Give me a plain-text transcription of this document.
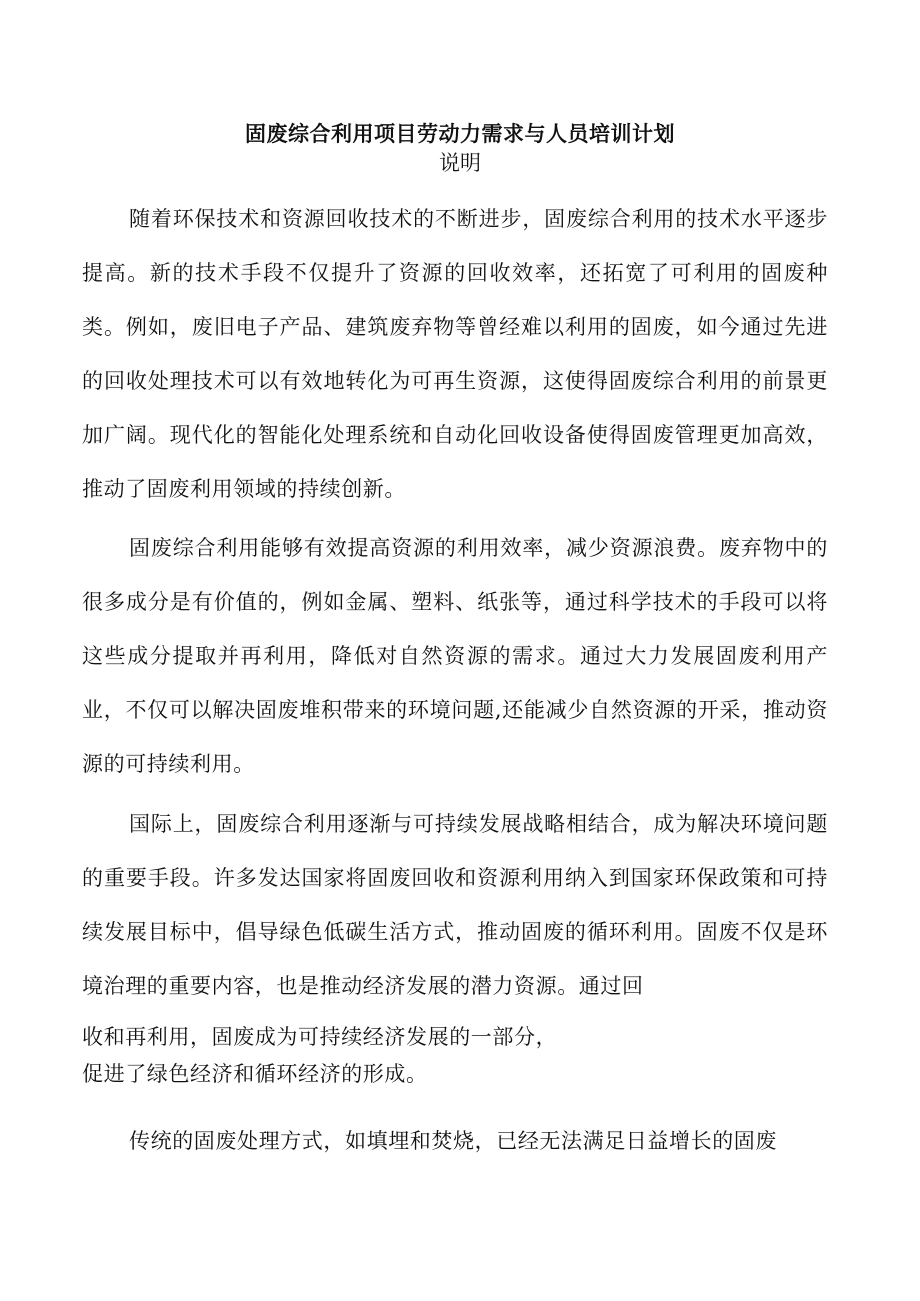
固废综合利用项目劳动力需求与人员培训计划
说明

随着环保技术和资源回收技术的不断进步，固废综合利用的技术水平逐步提高。新的技术手段不仅提升了资源的回收效率，还拓宽了可利用的固废种类。例如，废旧电子产品、建筑废弃物等曾经难以利用的固废，如今通过先进的回收处理技术可以有效地转化为可再生资源，这使得固废综合利用的前景更加广阔。现代化的智能化处理系统和自动化回收设备使得固废管理更加高效，推动了固废利用领域的持续创新。

固废综合利用能够有效提高资源的利用效率，减少资源浪费。废弃物中的很多成分是有价值的，例如金属、塑料、纸张等，通过科学技术的手段可以将这些成分提取并再利用，降低对自然资源的需求。通过大力发展固废利用产业，不仅可以解决固废堆积带来的环境问题,还能减少自然资源的开采，推动资源的可持续利用。

国际上，固废综合利用逐渐与可持续发展战略相结合，成为解决环境问题的重要手段。许多发达国家将固废回收和资源利用纳入到国家环保政策和可持续发展目标中，倡导绿色低碳生活方式，推动固废的循环利用。固废不仅是环境治理的重要内容，也是推动经济发展的潜力资源。通过回

收和再利用，固废成为可持续经济发展的一部分，

促进了绿色经济和循环经济的形成。

传统的固废处理方式，如填埋和焚烧，已经无法满足日益增长的固废
